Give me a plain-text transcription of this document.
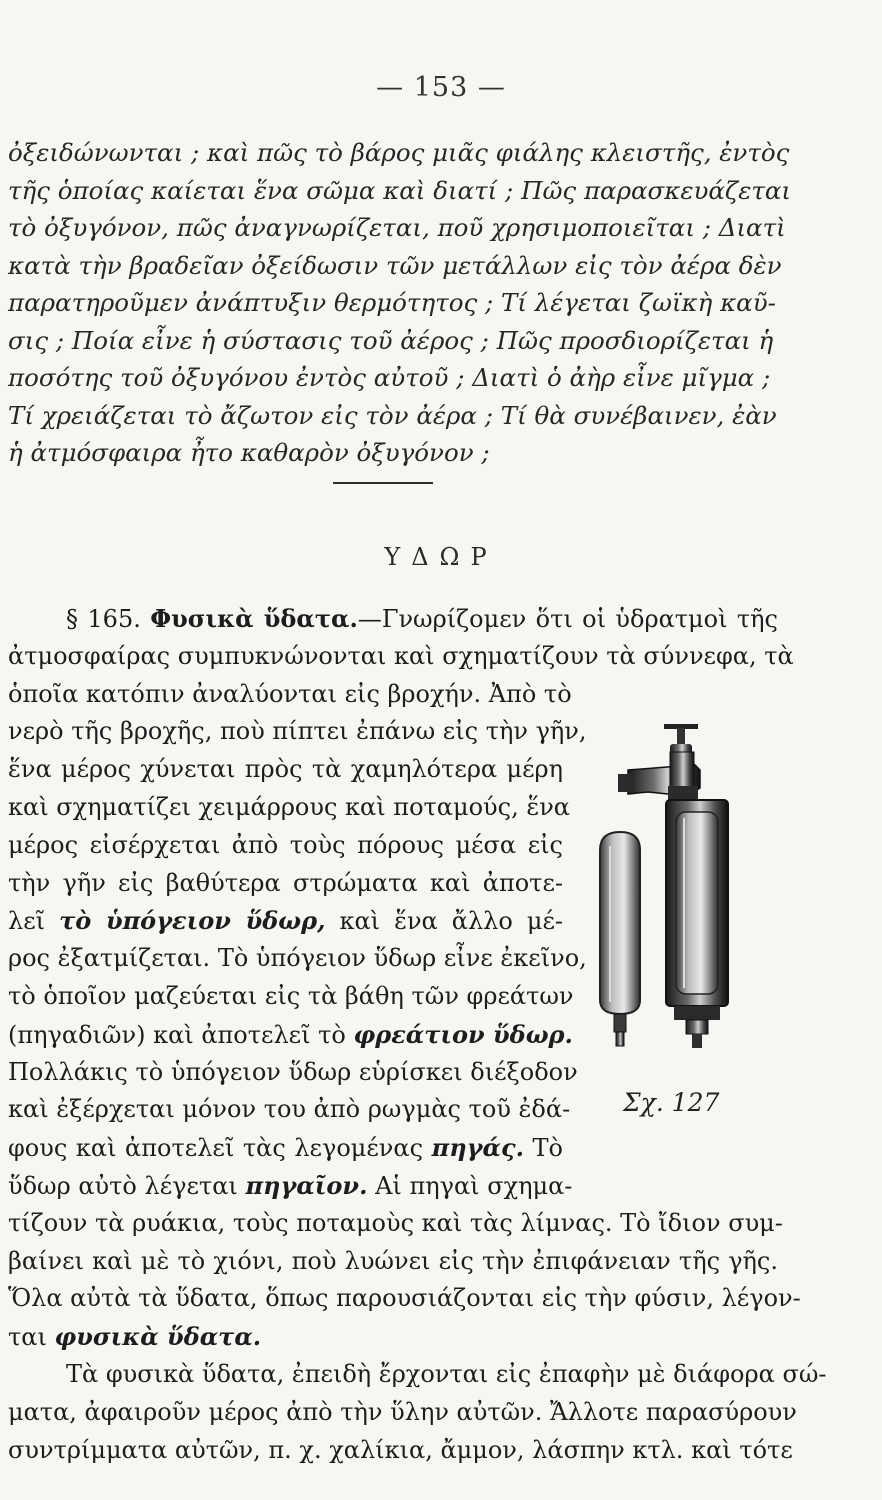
— 153 —
ὀξειδώνωνται ; καὶ πῶς τὸ βάρος μιᾶς φιάλης κλειστῆς, ἐντὸς
τῆς ὁποίας καίεται ἕνα σῶμα καὶ διατί ; Πῶς παρασκευάζεται
τὸ ὀξυγόνον, πῶς ἀναγνωρίζεται, ποῦ χρησιμοποιεῖται ; Διατὶ
κατὰ τὴν βραδεῖαν ὀξείδωσιν τῶν μετάλλων εἰς τὸν ἀέρα δὲν
παρατηροῦμεν ἀνάπτυξιν θερμότητος ; Τί λέγεται ζωϊκὴ καῦ-
σις ; Ποία εἶνε ἡ σύστασις τοῦ ἀέρος ; Πῶς προσδιορίζεται ἡ
ποσότης τοῦ ὀξυγόνου ἐντὸς αὐτοῦ ; Διατὶ ὁ ἀὴρ εἶνε μῖγμα ;
Τί χρειάζεται τὸ ἄζωτον εἰς τὸν ἀέρα ; Τί θὰ συνέβαινεν, ἐὰν
ἡ ἀτμόσφαιρα ἦτο καθαρὸν ὀξυγόνον ;
ΥΔΩΡ
§ 165. Φυσικὰ ὕδατα.—Γνωρίζομεν ὅτι οἱ ὑδρατμοὶ τῆς
ἀτμοσφαίρας συμπυκνώνονται καὶ σχηματίζουν τὰ σύννεφα, τὰ
ὁποῖα κατόπιν ἀναλύονται εἰς βροχήν. Ἀπὸ τὸ
νερὸ τῆς βροχῆς, ποὺ πίπτει ἐπάνω εἰς τὴν γῆν,
ἕνα μέρος χύνεται πρὸς τὰ χαμηλότερα μέρη
καὶ σχηματίζει χειμάρρους καὶ ποταμούς, ἕνα
μέρος εἰσέρχεται ἀπὸ τοὺς πόρους μέσα εἰς
τὴν γῆν εἰς βαθύτερα στρώματα καὶ ἀποτε-
λεῖ τὸ ὑπόγειον ὕδωρ, καὶ ἕνα ἄλλο μέ-
ρος ἐξατμίζεται. Τὸ ὑπόγειον ὕδωρ εἶνε ἐκεῖνο,
τὸ ὁποῖον μαζεύεται εἰς τὰ βάθη τῶν φρεάτων
(πηγαδιῶν) καὶ ἀποτελεῖ τὸ φρεάτιον ὕδωρ.
Πολλάκις τὸ ὑπόγειον ὕδωρ εὑρίσκει διέξοδον
καὶ ἐξέρχεται μόνον του ἀπὸ ρωγμὰς τοῦ ἐδά-
φους καὶ ἀποτελεῖ τὰς λεγομένας πηγάς. Τὸ
ὕδωρ αὐτὸ λέγεται πηγαῖον. Αἱ πηγαὶ σχημα-
τίζουν τὰ ρυάκια, τοὺς ποταμοὺς καὶ τὰς λίμνας. Τὸ ἴδιον συμ-
βαίνει καὶ μὲ τὸ χιόνι, ποὺ λυώνει εἰς τὴν ἐπιφάνειαν τῆς γῆς.
Ὅλα αὐτὰ τὰ ὕδατα, ὅπως παρουσιάζονται εἰς τὴν φύσιν, λέγον-
ται φυσικὰ ὕδατα.
Τὰ φυσικὰ ὕδατα, ἐπειδὴ ἔρχονται εἰς ἐπαφὴν μὲ διάφορα σώ-
ματα, ἀφαιροῦν μέρος ἀπὸ τὴν ὕλην αὐτῶν. Ἄλλοτε παρασύρουν
συντρίμματα αὐτῶν, π. χ. χαλίκια, ἄμμον, λάσπην κτλ. καὶ τότε
Σχ. 127
